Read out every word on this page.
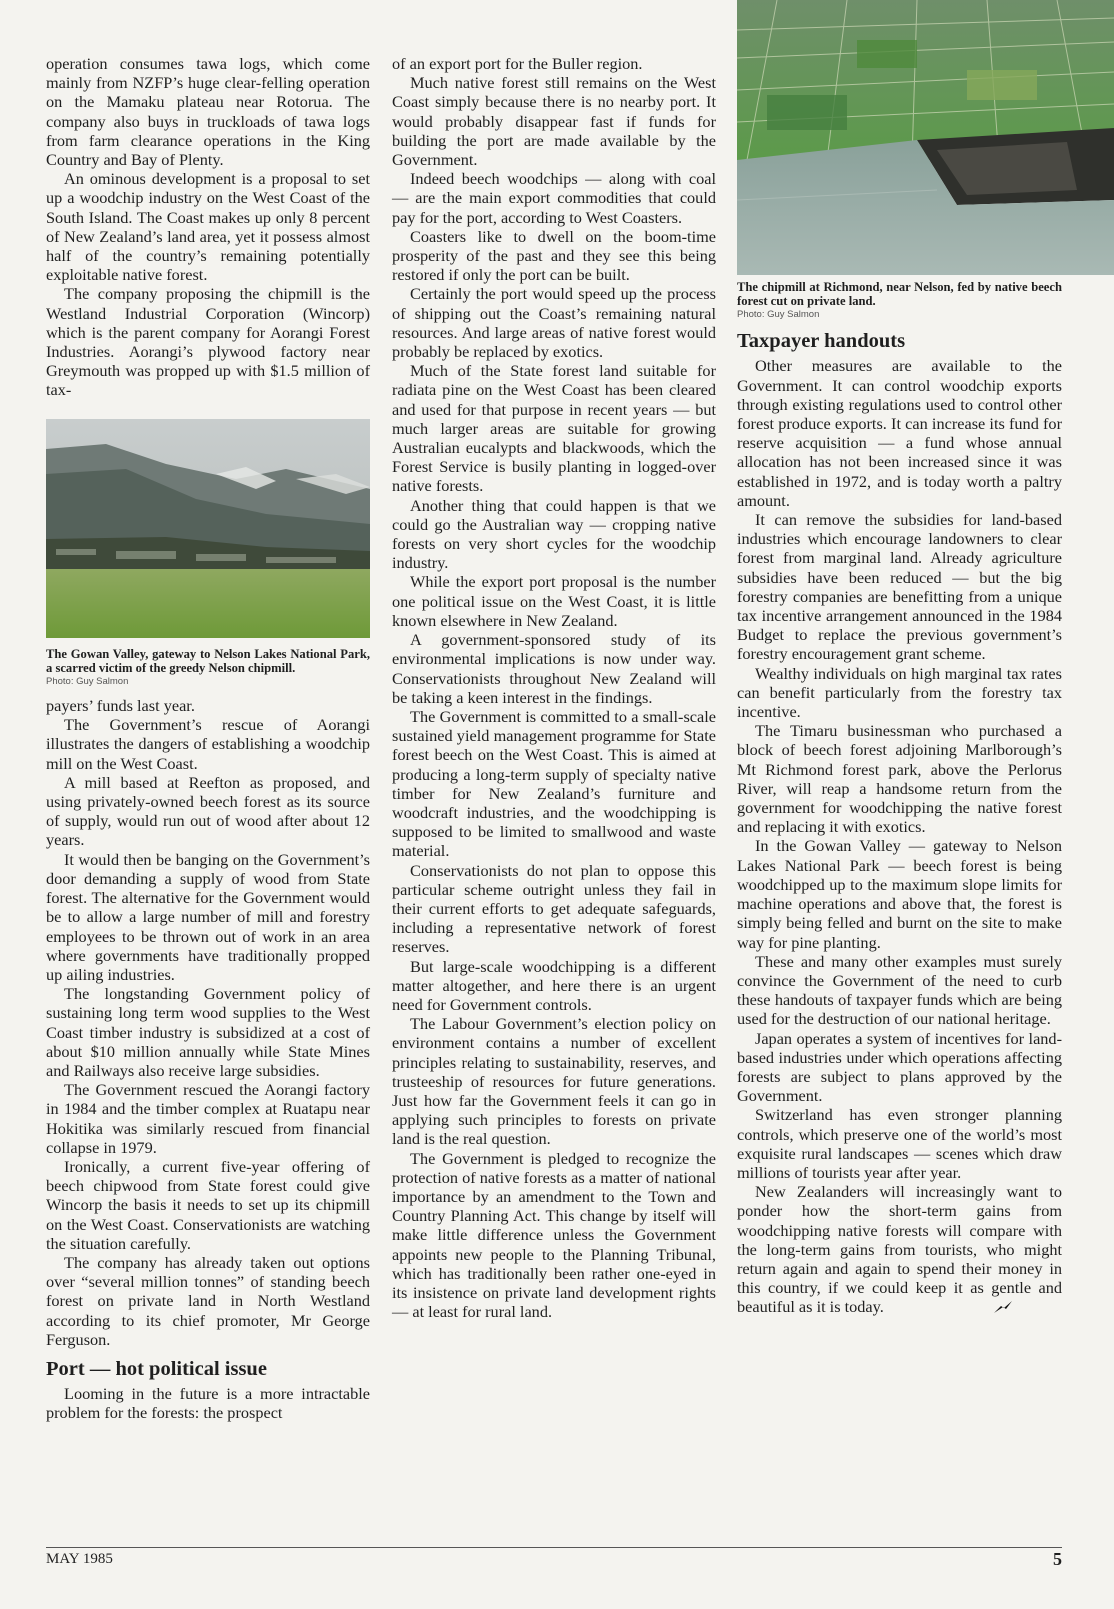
operation consumes tawa logs, which come mainly from NZFP’s huge clear-felling operation on the Mamaku plateau near Rotorua. The company also buys in truckloads of tawa logs from farm clearance operations in the King Country and Bay of Plenty.

An ominous development is a proposal to set up a woodchip industry on the West Coast of the South Island. The Coast makes up only 8 percent of New Zealand’s land area, yet it possess almost half of the country’s remaining potentially exploitable native forest.

The company proposing the chipmill is the Westland Industrial Corporation (Wincorp) which is the parent company for Aorangi Forest Industries. Aorangi’s plywood factory near Greymouth was propped up with $1.5 million of tax-

The Gowan Valley, gateway to Nelson Lakes National Park, a scarred victim of the greedy Nelson chipmill.
Photo: Guy Salmon

payers’ funds last year.

The Government’s rescue of Aorangi illustrates the dangers of establishing a woodchip mill on the West Coast.

A mill based at Reefton as proposed, and using privately-owned beech forest as its source of supply, would run out of wood after about 12 years.

It would then be banging on the Government’s door demanding a supply of wood from State forest. The alternative for the Government would be to allow a large number of mill and forestry employees to be thrown out of work in an area where governments have traditionally propped up ailing industries.

The longstanding Government policy of sustaining long term wood supplies to the West Coast timber industry is subsidized at a cost of about $10 million annually while State Mines and Railways also receive large subsidies.

The Government rescued the Aorangi factory in 1984 and the timber complex at Ruatapu near Hokitika was similarly rescued from financial collapse in 1979.

Ironically, a current five-year offering of beech chipwood from State forest could give Wincorp the basis it needs to set up its chipmill on the West Coast. Conservationists are watching the situation carefully.

The company has already taken out options over “several million tonnes” of standing beech forest on private land in North Westland according to its chief promoter, Mr George Ferguson.

Port — hot political issue

Looming in the future is a more intractable problem for the forests: the prospect

of an export port for the Buller region.

Much native forest still remains on the West Coast simply because there is no nearby port. It would probably disappear fast if funds for building the port are made available by the Government.

Indeed beech woodchips — along with coal — are the main export commodities that could pay for the port, according to West Coasters.

Coasters like to dwell on the boom-time prosperity of the past and they see this being restored if only the port can be built.

Certainly the port would speed up the process of shipping out the Coast’s remaining natural resources. And large areas of native forest would probably be replaced by exotics.

Much of the State forest land suitable for radiata pine on the West Coast has been cleared and used for that purpose in recent years — but much larger areas are suitable for growing Australian eucalypts and blackwoods, which the Forest Service is busily planting in logged-over native forests.

Another thing that could happen is that we could go the Australian way — cropping native forests on very short cycles for the woodchip industry.

While the export port proposal is the number one political issue on the West Coast, it is little known elsewhere in New Zealand.

A government-sponsored study of its environmental implications is now under way. Conservationists throughout New Zealand will be taking a keen interest in the findings.

The Government is committed to a small-scale sustained yield management programme for State forest beech on the West Coast. This is aimed at producing a long-term supply of specialty native timber for New Zealand’s furniture and woodcraft industries, and the woodchipping is supposed to be limited to smallwood and waste material.

Conservationists do not plan to oppose this particular scheme outright unless they fail in their current efforts to get adequate safeguards, including a representative network of forest reserves.

But large-scale woodchipping is a different matter altogether, and here there is an urgent need for Government controls.

The Labour Government’s election policy on environment contains a number of excellent principles relating to sustainability, reserves, and trusteeship of resources for future generations. Just how far the Government feels it can go in applying such principles to forests on private land is the real question.

The Government is pledged to recognize the protection of native forests as a matter of national importance by an amendment to the Town and Country Planning Act. This change by itself will make little difference unless the Government appoints new people to the Planning Tribunal, which has traditionally been rather one-eyed in its insistence on private land development rights — at least for rural land.

The chipmill at Richmond, near Nelson, fed by native beech forest cut on private land.
Photo: Guy Salmon
Taxpayer handouts

Other measures are available to the Government. It can control woodchip exports through existing regulations used to control other forest produce exports. It can increase its fund for reserve acquisition — a fund whose annual allocation has not been increased since it was established in 1972, and is today worth a paltry amount.

It can remove the subsidies for land-based industries which encourage landowners to clear forest from marginal land. Already agriculture subsidies have been reduced — but the big forestry companies are benefitting from a unique tax incentive arrangement announced in the 1984 Budget to replace the previous government’s forestry encouragement grant scheme.

Wealthy individuals on high marginal tax rates can benefit particularly from the forestry tax incentive.

The Timaru businessman who purchased a block of beech forest adjoining Marlborough’s Mt Richmond forest park, above the Perlorus River, will reap a handsome return from the government for woodchipping the native forest and replacing it with exotics.

In the Gowan Valley — gateway to Nelson Lakes National Park — beech forest is being woodchipped up to the maximum slope limits for machine operations and above that, the forest is simply being felled and burnt on the site to make way for pine planting.

These and many other examples must surely convince the Government of the need to curb these handouts of taxpayer funds which are being used for the destruction of our national heritage.

Japan operates a system of incentives for land-based industries under which operations affecting forests are subject to plans approved by the Government.

Switzerland has even stronger planning controls, which preserve one of the world’s most exquisite rural landscapes — scenes which draw millions of tourists year after year.

New Zealanders will increasingly want to ponder how the short-term gains from woodchipping native forests will compare with the long-term gains from tourists, who might return again and again to spend their money in this country, if we could keep it as gentle and beautiful as it is today.

MAY 1985	5
